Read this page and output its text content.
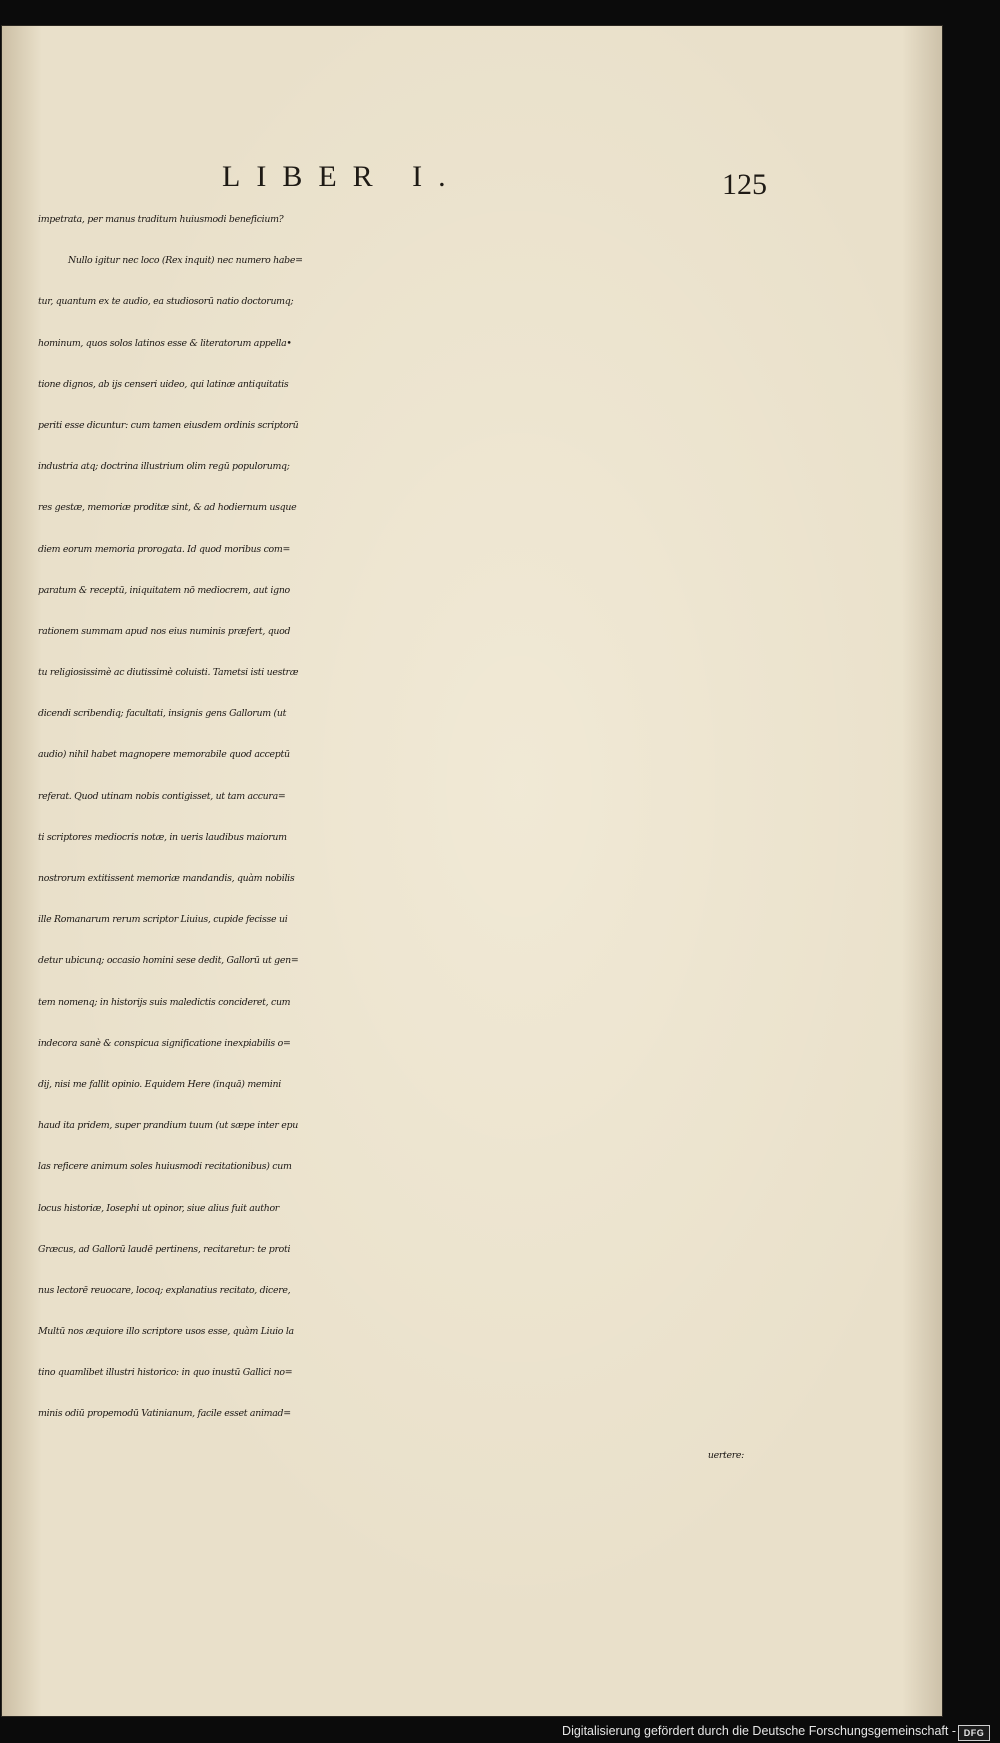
LIBER I.	125
impetrata, per manus traditum huiusmodi beneficium?
Nullo igitur nec loco (Rex inquit) nec numero habe=
tur, quantum ex te audio, ea studiosorū natio doctorumq;
hominum, quos solos latinos esse & literatorum appella•
tione dignos, ab ijs censeri uideo, qui latinæ antiquitatis
periti esse dicuntur: cum tamen eiusdem ordinis scriptorū
industria atq; doctrina illustrium olim regū populorumq;
res gestæ, memoriæ proditæ sint, & ad hodiernum usque
diem eorum memoria prorogata. Id quod moribus com=
paratum & receptū, iniquitatem nō mediocrem, aut igno
rationem summam apud nos eius numinis præfert, quod
tu religiosissimè ac diutissimè coluisti. Tametsi isti uestræ
dicendi scribendiq; facultati, insignis gens Gallorum (ut
audio) nihil habet magnopere memorabile quod acceptū
referat. Quod utinam nobis contigisset, ut tam accura=
ti scriptores mediocris notæ, in ueris laudibus maiorum
nostrorum extitissent memoriæ mandandis, quàm nobilis
ille Romanarum rerum scriptor Liuius, cupide fecisse ui
detur ubicunq; occasio homini sese dedit, Gallorū ut gen=
tem nomenq; in historijs suis maledictis concideret, cum
indecora sanè & conspicua significatione inexpiabilis o=
dij, nisi me fallit opinio. Equidem Here (inquā) memini
haud ita pridem, super prandium tuum (ut sæpe inter epu
las reficere animum soles huiusmodi recitationibus) cum
locus historiæ, Iosephi ut opinor, siue alius fuit author
Græcus, ad Gallorū laudē pertinens, recitaretur: te proti
nus lectorē reuocare, locoq; explanatius recitato, dicere,
Multū nos æquiore illo scriptore usos esse, quàm Liuio la
tino quamlibet illustri historico: in quo inustū Gallici no=
minis odiū propemodū Vatinianum, facile esset animad=
uertere:
Digitalisierung gefördert durch die Deutsche Forschungsgemeinschaft - DFG
